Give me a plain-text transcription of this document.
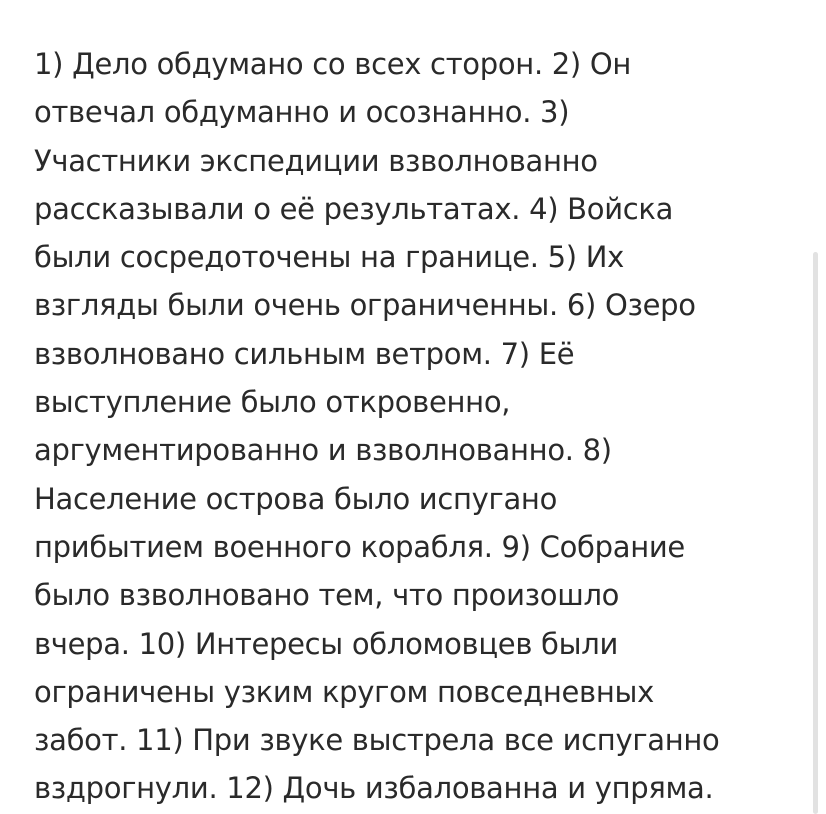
1) Дело обдумано со всех сторон. 2) Он
отвечал обдуманно и осознанно. 3)
Участники экспедиции взволнованно
рассказывали о её результатах. 4) Войска
были сосредоточены на границе. 5) Их
взгляды были очень ограниченны. 6) Озеро
взволновано сильным ветром. 7) Её
выступление было откровенно,
аргументированно и взволнованно. 8)
Население острова было испугано
прибытием военного корабля. 9) Собрание
было взволновано тем, что произошло
вчера. 10) Интересы обломовцев были
ограничены узким кругом повседневных
забот. 11) При звуке выстрела все испуганно
вздрогнули. 12) Дочь избалованна и упряма.
